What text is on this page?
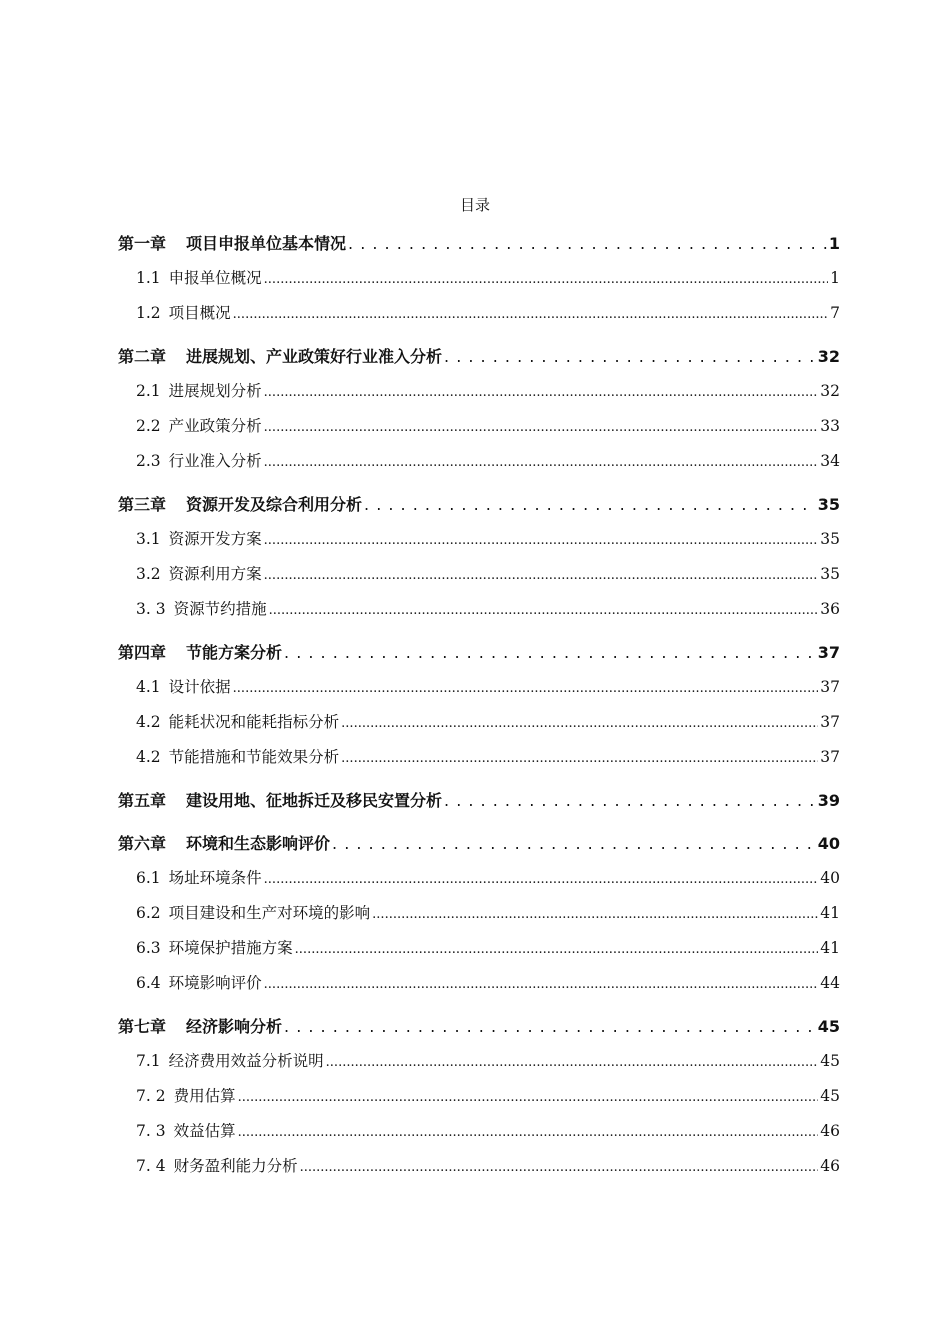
目录
第一章 项目申报单位基本情况 . . .	1
1.1 申报单位概况 .....	1
1.2 项目概况 .....	7
第二章 进展规划、产业政策好行业准入分析 . . .	32
2.1 进展规划分析 .....	32
2.2 产业政策分析 .....	33
2.3 行业准入分析 .....	34
第三章 资源开发及综合利用分析 . . .	35
3.1 资源开发方案 .....	35
3.2 资源利用方案 .....	35
3. 3 资源节约措施 .....	36
第四章 节能方案分析 . . .	37
4.1 设计依据 .....	37
4.2 能耗状况和能耗指标分析 .....	37
4.2 节能措施和节能效果分析 .....	37
第五章 建设用地、征地拆迁及移民安置分析 . . .	39
第六章 环境和生态影响评价 . . .	40
6.1 场址环境条件 .....	40
6.2 项目建设和生产对环境的影响 .....	41
6.3 环境保护措施方案 .....	41
6.4 环境影响评价 .....	44
第七章 经济影响分析 . . .	45
7.1 经济费用效益分析说明 .....	45
7. 2 费用估算 .....	45
7. 3 效益估算 .....	46
7. 4 财务盈利能力分析 .....	46
